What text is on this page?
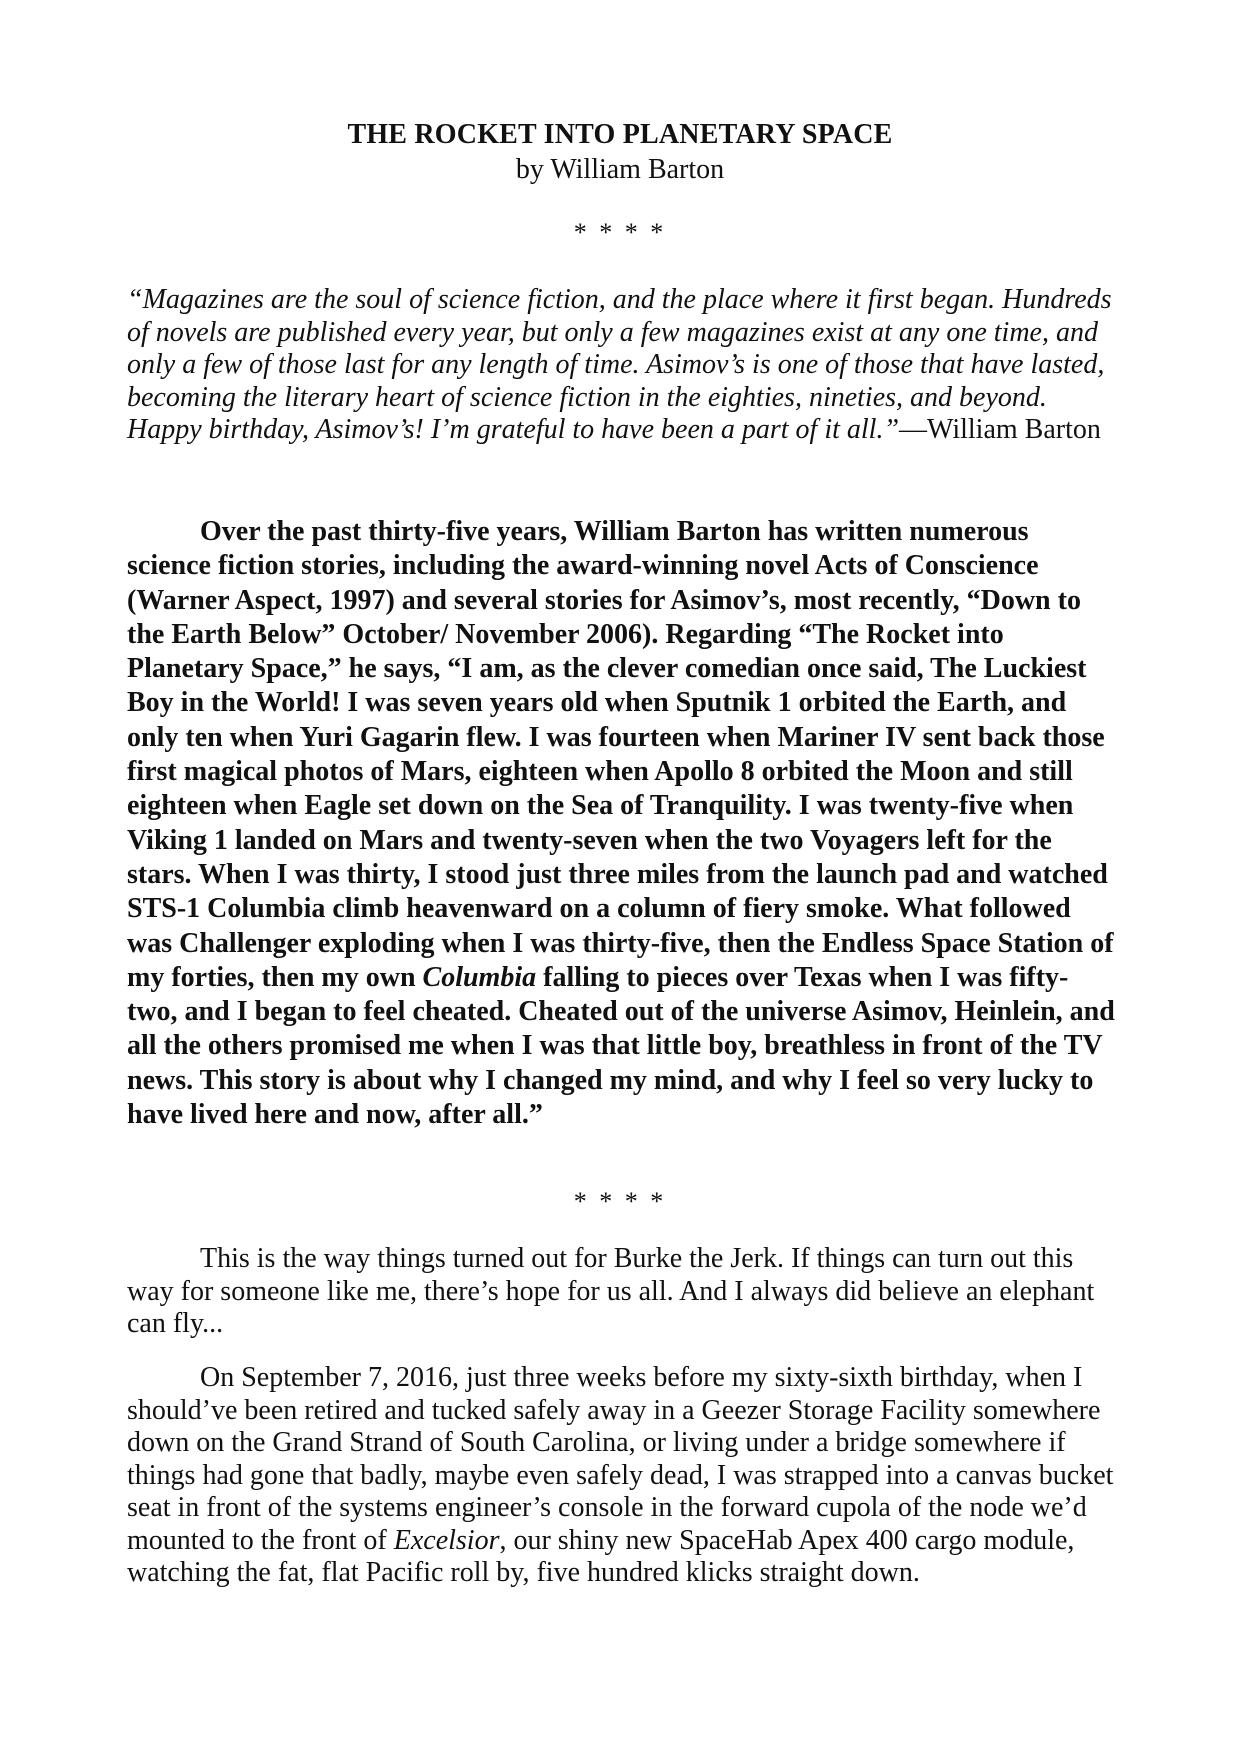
THE ROCKET INTO PLANETARY SPACE

by William Barton

* * * *

“Magazines are the soul of science fiction, and the place where it first began. Hundreds of novels are published every year, but only a few magazines exist at any one time, and only a few of those last for any length of time. Asimov’s is one of those that have lasted, becoming the literary heart of science fiction in the eighties, nineties, and beyond. Happy birthday, Asimov’s! I’m grateful to have been a part of it all.”—William Barton

Over the past thirty-five years, William Barton has written numerous science fiction stories, including the award-winning novel Acts of Conscience (Warner Aspect, 1997) and several stories for Asimov’s, most recently, “Down to the Earth Below” October/ November 2006). Regarding “The Rocket into Planetary Space,” he says, “I am, as the clever comedian once said, The Luckiest Boy in the World! I was seven years old when Sputnik 1 orbited the Earth, and only ten when Yuri Gagarin flew. I was fourteen when Mariner IV sent back those first magical photos of Mars, eighteen when Apollo 8 orbited the Moon and still eighteen when Eagle set down on the Sea of Tranquility. I was twenty-five when Viking 1 landed on Mars and twenty-seven when the two Voyagers left for the stars. When I was thirty, I stood just three miles from the launch pad and watched STS-1 Columbia climb heavenward on a column of fiery smoke. What followed was Challenger exploding when I was thirty-five, then the Endless Space Station of my forties, then my own Columbia falling to pieces over Texas when I was fifty-two, and I began to feel cheated. Cheated out of the universe Asimov, Heinlein, and all the others promised me when I was that little boy, breathless in front of the TV news. This story is about why I changed my mind, and why I feel so very lucky to have lived here and now, after all.”

* * * *

This is the way things turned out for Burke the Jerk. If things can turn out this way for someone like me, there’s hope for us all. And I always did believe an elephant can fly...

On September 7, 2016, just three weeks before my sixty-sixth birthday, when I should’ve been retired and tucked safely away in a Geezer Storage Facility somewhere down on the Grand Strand of South Carolina, or living under a bridge somewhere if things had gone that badly, maybe even safely dead, I was strapped into a canvas bucket seat in front of the systems engineer’s console in the forward cupola of the node we’d mounted to the front of Excelsior, our shiny new SpaceHab Apex 400 cargo module, watching the fat, flat Pacific roll by, five hundred klicks straight down.
